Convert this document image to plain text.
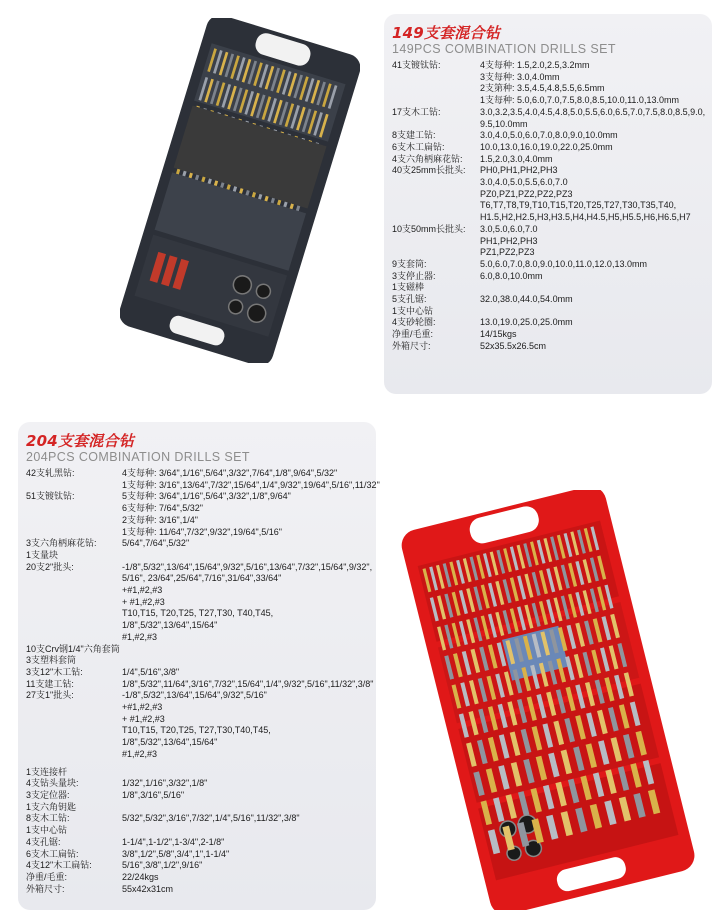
149支套混合钻
149PCS COMBINATION DRILLS SET
41支镀钛钻:	4支每种: 1.5,2.0,2.5,3.2mm
3支每种: 3.0,4.0mm
2支第种: 3.5,4.5,4.8,5.5,6.5mm
1支每种: 5.0,6.0,7.0,7.5,8.0,8.5,10.0,11.0,13.0mm
17支木工钻:	3.0,3.2,3.5,4.0,4.5,4.8,5.0,5.5,6.0,6.5,7.0,7.5,8.0,8.5,9.0,
9.5,10.0mm
8支建工钻:	3.0,4.0,5.0,6.0,7.0,8.0,9.0,10.0mm
6支木工扁钻:	10.0,13.0,16.0,19.0,22.0,25.0mm
4支六角柄麻花钻:	1.5,2.0,3.0,4.0mm
40支25mm长批头:	PH0,PH1,PH2,PH3
3.0,4.0,5.0,5.5,6.0,7.0
PZ0,PZ1,PZ2,PZ2,PZ3
T6,T7,T8,T9,T10,T15,T20,T25,T27,T30,T35,T40,
H1.5,H2,H2.5,H3,H3.5,H4,H4.5,H5,H5.5,H6,H6.5,H7
10支50mm长批头:	3.0,5.0,6.0,7.0
PH1,PH2,PH3
PZ1,PZ2,PZ3
9支套筒:	5.0,6.0,7.0,8.0,9.0,10.0,11.0,12.0,13.0mm
3支停止器:	6.0,8.0,10.0mm
1支磁棒
5支孔锯:	32.0,38.0,44.0,54.0mm
1支中心钻
4支砂轮圈:	13.0,19.0,25.0,25.0mm
净重/毛重:	14/15kgs
外箱尺寸:	52x35.5x26.5cm
204支套混合钻
204PCS COMBINATION DRILLS SET
42支轧黑钻:	4支每种: 3/64",1/16",5/64",3/32",7/64",1/8",9/64",5/32"
1支每种: 3/16",13/64",7/32",15/64",1/4",9/32",19/64",5/16",11/32"
51支镀钛钻:	5支每种: 3/64",1/16",5/64",3/32",1/8",9/64"
6支每种: 7/64",5/32"
2支每种: 3/16",1/4"
1支每种: 11/64",7/32",9/32",19/64",5/16"
3支六角柄麻花钻:	5/64",7/64",5/32"
1支量块
20支2"批头:	-1/8",5/32",13/64",15/64",9/32",5/16",13/64",7/32",15/64",9/32",
5/16", 23/64",25/64",7/16",31/64",33/64"
+#1,#2,#3
+ #1,#2,#3
T10,T15, T20,T25, T27,T30, T40,T45,
1/8",5/32",13/64",15/64"
#1,#2,#3
10支Crv钢1/4"六角套筒
3支塑料套筒
3支12"木工钻:	1/4",5/16",3/8"
11支建工钻:	1/8",5/32",11/64",3/16",7/32",15/64",1/4",9/32",5/16",11/32",3/8"
27支1"批头:	-1/8",5/32",13/64",15/64",9/32",5/16"
+#1,#2,#3
+ #1,#2,#3
T10,T15, T20,T25, T27,T30,T40,T45,
1/8",5/32",13/64",15/64"
#1,#2,#3
1支连接杆
4支钻头量块:	1/32",1/16",3/32",1/8"
3支定位器:	1/8",3/16",5/16"
1支六角钥匙
8支木工钻:	5/32",5/32",3/16",7/32",1/4",5/16",11/32",3/8"
1支中心钻
4支孔锯:	1-1/4",1-1/2",1-3/4",2-1/8"
6支木工扁钻:	3/8",1/2",5/8",3/4",1",1-1/4"
4支12"木工扁钻:	5/16",3/8",1/2",9/16"
净重/毛重:	22/24kgs
外箱尺寸:	55x42x31cm
